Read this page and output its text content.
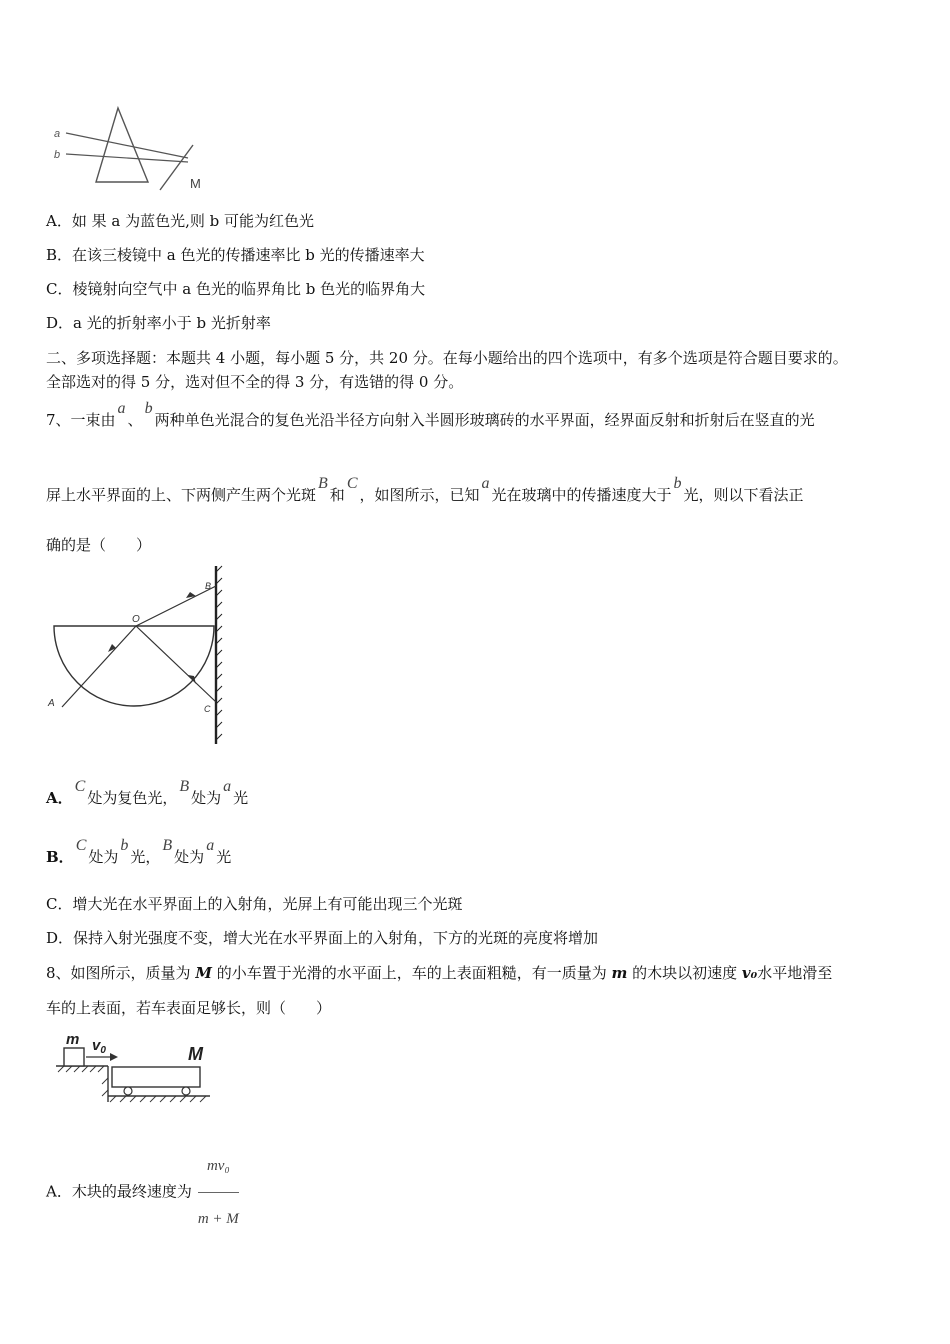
a
b
M
A．如 果 a 为蓝色光,则 b 可能为红色光
B．在该三棱镜中 a 色光的传播速率比 b 光的传播速率大
C．棱镜射向空气中 a 色光的临界角比 b 色光的临界角大
D．a 光的折射率小于 b 光折射率
二、多项选择题：本题共 4 小题，每小题 5 分，共 20 分。在每小题给出的四个选项中，有多个选项是符合题目要求的。
全部选对的得 5 分，选对但不全的得 3 分，有选错的得 0 分。
7、一束由a、b两种单色光混合的复色光沿半径方向射入半圆形玻璃砖的水平界面，经界面反射和折射后在竖直的光
屏上水平界面的上、下两侧产生两个光斑B和C，如图所示，已知a光在玻璃中的传播速度大于b光，则以下看法正
确的是（　　）
O
A
B
C
A．C处为复色光，B处为a光
B．C处为b光，B处为a光
C．增大光在水平界面上的入射角，光屏上有可能出现三个光斑
D．保持入射光强度不变，增大光在水平界面上的入射角，下方的光斑的亮度将增加
8、如图所示，质量为 M 的小车置于光滑的水平面上，车的上表面粗糙，有一质量为 m 的木块以初速度 v₀水平地滑至
车的上表面，若车表面足够长，则（　　）
m $v_0$	M
A．木块的最终速度为 $\frac{\text{mv₀}}{m + M}$
